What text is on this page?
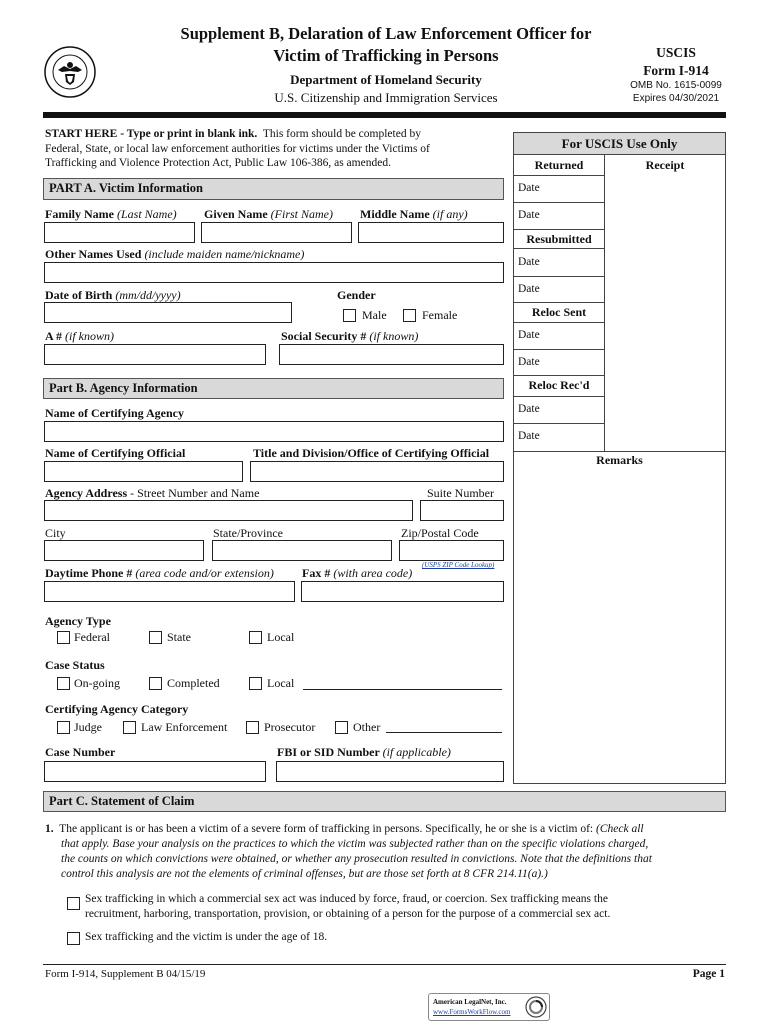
Supplement B, Delaration of Law Enforcement Officer for
Victim of Trafficking in Persons
Department of Homeland Security
U.S. Citizenship and Immigration Services
USCIS
Form I-914
OMB No. 1615-0099
Expires 04/30/2021
START HERE - Type or print in blank ink. This form should be completed by
Federal, State, or local law enforcement authorities for victims under the Victims of
Trafficking and Violence Protection Act, Public Law 106-386, as amended.
PART A. Victim Information
Family Name (Last Name) Given Name (First Name) Middle Name (if any)
Other Names Used (include maiden name/nickname)
Date of Birth (mm/dd/yyyy)	Gender
Male	Female
A # (if known)	Social Security # (if known)
Part B. Agency Information
Name of Certifying Agency
Name of Certifying Official	Title and Division/Office of Certifying Official
Agency Address - Street Number and Name	Suite Number
City	State/Province	Zip/Postal Code
(USPS ZIP Code Lookup)
Daytime Phone # (area code and/or extension) Fax # (with area code)
Agency Type
Federal	State	Local
Case Status
On-going	Completed	Local
Certifying Agency Category
Judge	Law Enforcement	Prosecutor	Other
Case Number	FBI or SID Number (if applicable)
For USCIS Use Only
Returned	Receipt
Date
Date
Resubmitted
Date
Date
Reloc Sent
Date
Date
Reloc Rec'd
Date
Date
Remarks
Part C. Statement of Claim
1. The applicant is or has been a victim of a severe form of trafficking in persons. Specifically, he or she is a victim of: (Check all
that apply. Base your analysis on the practices to which the victim was subjected rather than on the specific violations charged,
the counts on which convictions were obtained, or whether any prosecution resulted in convictions. Note that the definitions that
control this analysis are not the elements of criminal offenses, but are those set forth at 8 CFR 214.11(a).)
Sex trafficking in which a commercial sex act was induced by force, fraud, or coercion. Sex trafficking means the
recruitment, harboring, transportation, provision, or obtaining of a person for the purpose of a commercial sex act.
Sex trafficking and the victim is under the age of 18.
Form I-914, Supplement B 04/15/19	Page 1
American LegalNet, Inc.
www.FormsWorkFlow.com
